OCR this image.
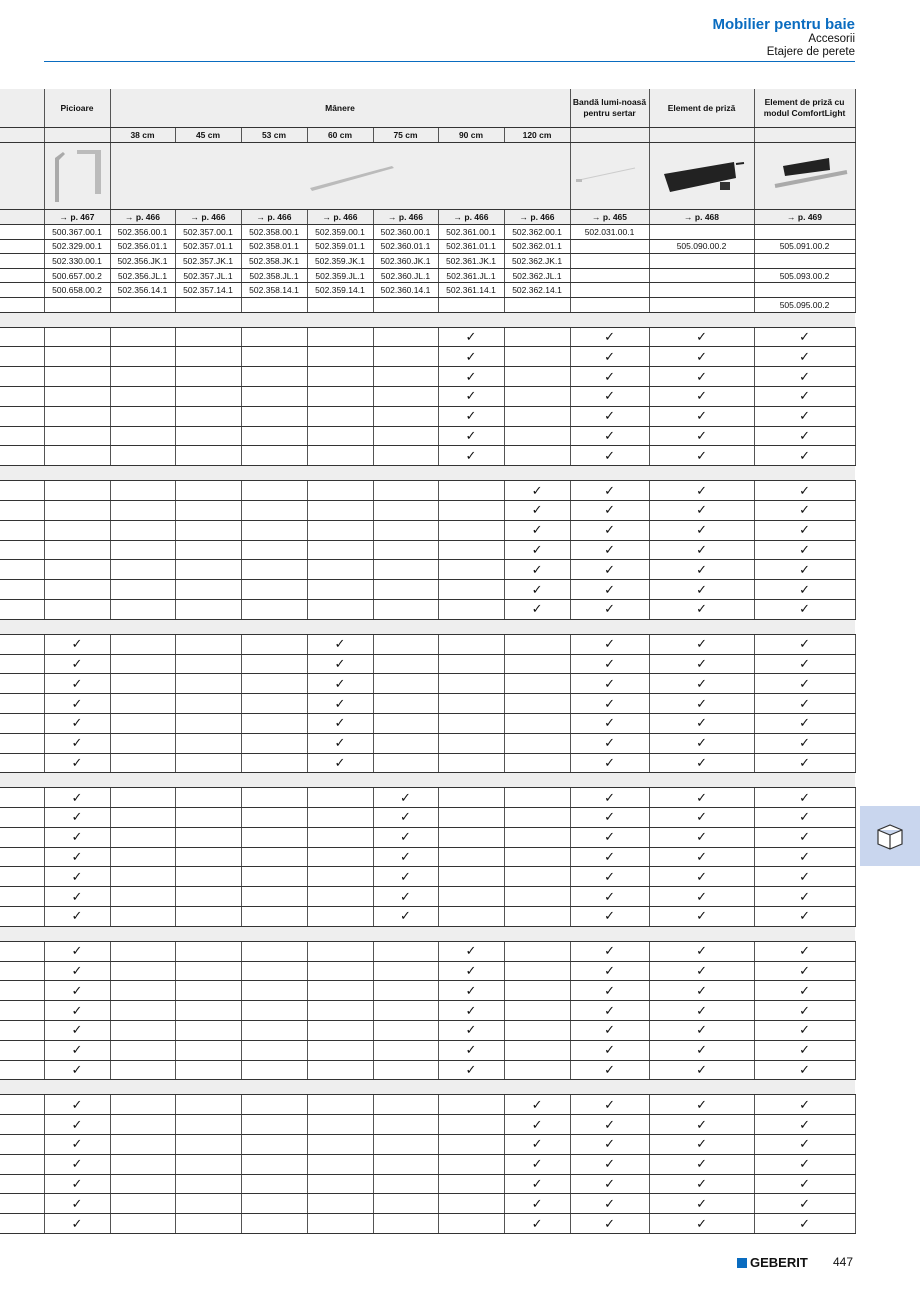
Mobilier pentru baie
Accesorii
Etajere de perete
	Picioare	Mânere							Bandă lumi-noasă pentru sertar	Element de priză	Element de priză cu modul ComfortLight
		38 cm	45 cm	53 cm	60 cm	75 cm	90 cm	120 cm			

	→ p. 467	→ p. 466	→ p. 466	→ p. 466	→ p. 466	→ p. 466	→ p. 466	→ p. 466	→ p. 465	→ p. 468	→ p. 469
	500.367.00.1	502.356.00.1	502.357.00.1	502.358.00.1	502.359.00.1	502.360.00.1	502.361.00.1	502.362.00.1	502.031.00.1		
	502.329.00.1	502.356.01.1	502.357.01.1	502.358.01.1	502.359.01.1	502.360.01.1	502.361.01.1	502.362.01.1		505.090.00.2	505.091.00.2
	502.330.00.1	502.356.JK.1	502.357.JK.1	502.358.JK.1	502.359.JK.1	502.360.JK.1	502.361.JK.1	502.362.JK.1			
	500.657.00.2	502.356.JL.1	502.357.JL.1	502.358.JL.1	502.359.JL.1	502.360.JL.1	502.361.JL.1	502.362.JL.1			505.093.00.2
	500.658.00.2	502.356.14.1	502.357.14.1	502.358.14.1	502.359.14.1	502.360.14.1	502.361.14.1	502.362.14.1			
											505.095.00.2

							✓		✓	✓	✓
							✓		✓	✓	✓
							✓		✓	✓	✓
							✓		✓	✓	✓
							✓		✓	✓	✓
							✓		✓	✓	✓
							✓		✓	✓	✓

								✓	✓	✓	✓
								✓	✓	✓	✓
								✓	✓	✓	✓
								✓	✓	✓	✓
								✓	✓	✓	✓
								✓	✓	✓	✓
								✓	✓	✓	✓

	✓				✓				✓	✓	✓
	✓				✓				✓	✓	✓
	✓				✓				✓	✓	✓
	✓				✓				✓	✓	✓
	✓				✓				✓	✓	✓
	✓				✓				✓	✓	✓
	✓				✓				✓	✓	✓

	✓					✓			✓	✓	✓
	✓					✓			✓	✓	✓
	✓					✓			✓	✓	✓
	✓					✓			✓	✓	✓
	✓					✓			✓	✓	✓
	✓					✓			✓	✓	✓
	✓					✓			✓	✓	✓

	✓						✓		✓	✓	✓
	✓						✓		✓	✓	✓
	✓						✓		✓	✓	✓
	✓						✓		✓	✓	✓
	✓						✓		✓	✓	✓
	✓						✓		✓	✓	✓
	✓						✓		✓	✓	✓

	✓							✓	✓	✓	✓
	✓							✓	✓	✓	✓
	✓							✓	✓	✓	✓
	✓							✓	✓	✓	✓
	✓							✓	✓	✓	✓
	✓							✓	✓	✓	✓
	✓							✓	✓	✓	✓
GEBERIT 447
